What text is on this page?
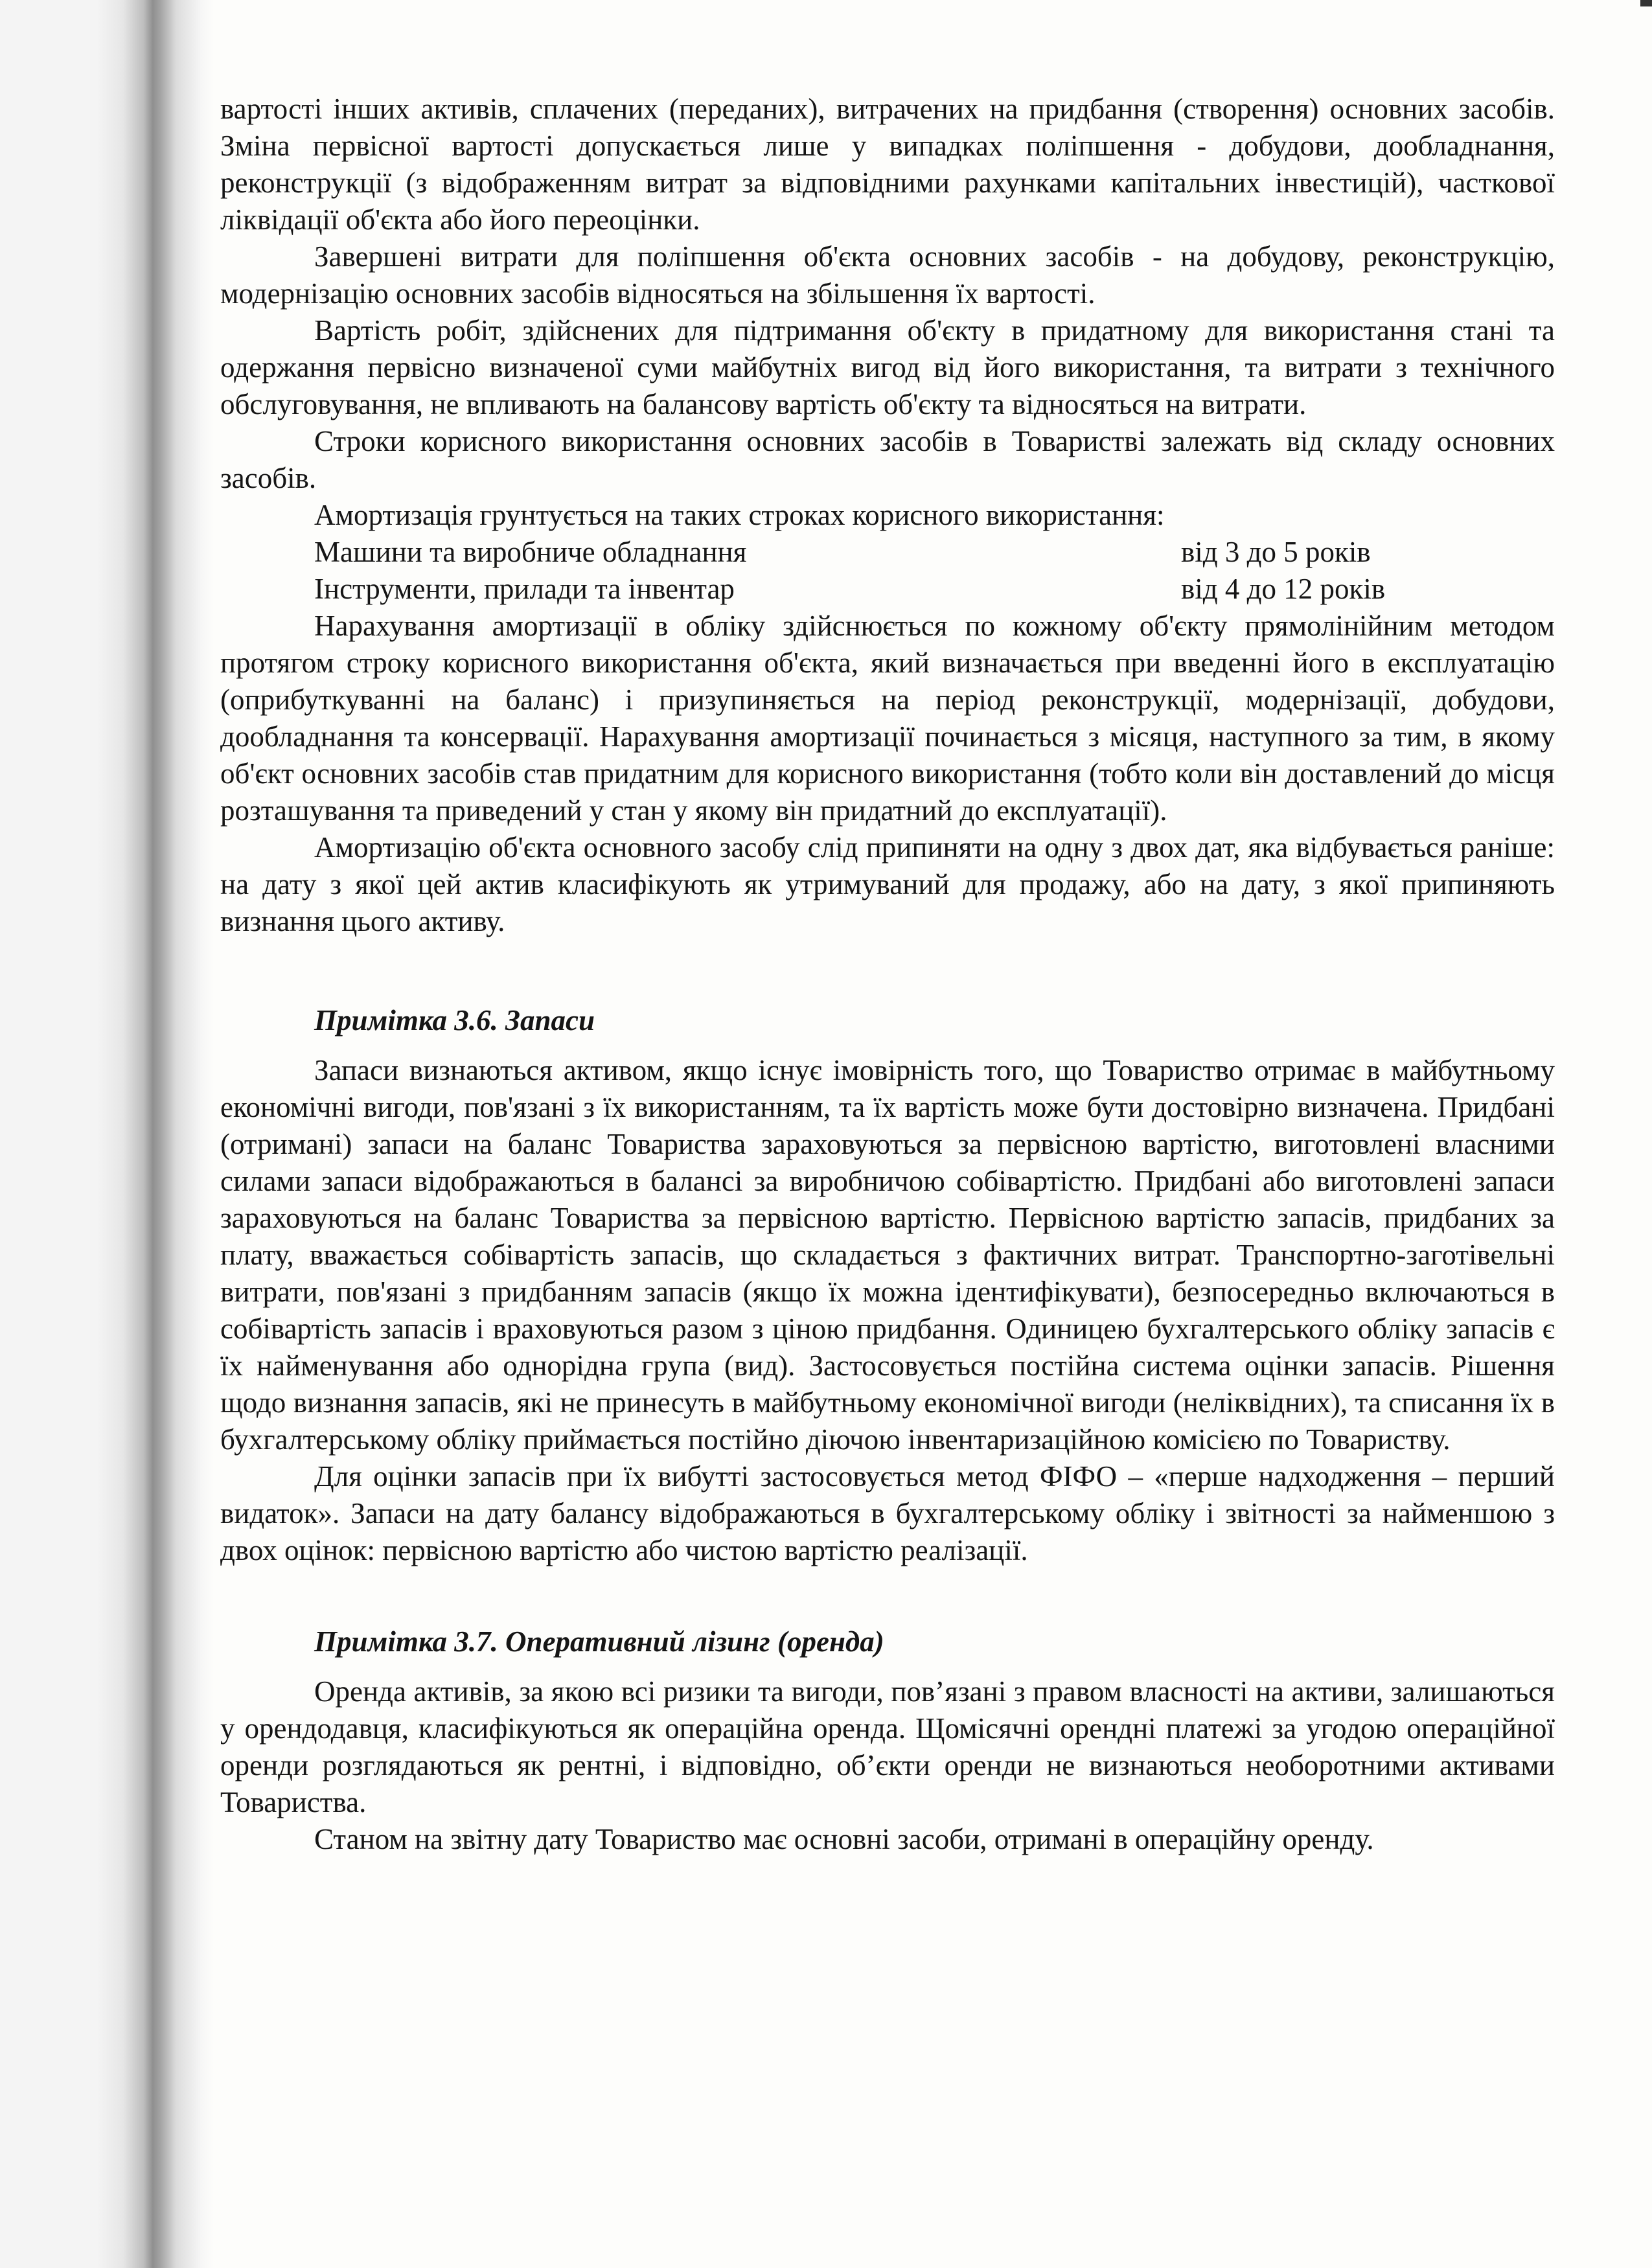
вартості інших активів, сплачених (переданих), витрачених на придбання (створення) основних засобів. Зміна первісної вартості допускається лише у випадках поліпшення - добудови, дообладнання, реконструкції (з відображенням витрат за відповідними рахунками капітальних інвестицій), часткової ліквідації об'єкта або його переоцінки.

Завершені витрати для поліпшення об'єкта основних засобів - на добудову, реконструкцію, модернізацію основних засобів відносяться на збільшення їх вартості.

Вартість робіт, здійснених для підтримання об'єкту в придатному для використання стані та одержання первісно визначеної суми майбутніх вигод від його використання, та витрати з технічного обслуговування, не впливають на балансову вартість об'єкту та відносяться на витрати.

Строки корисного використання основних засобів в Товаристві залежать від складу основних засобів.

Амортизація грунтується на таких строках корисного використання:

Машини та виробниче обладнання	від 3 до 5 років
Інструменти, прилади та інвентар	від 4 до 12 років

Нарахування амортизації в обліку здійснюється по кожному об'єкту прямолінійним методом протягом строку корисного використання об'єкта, який визначається при введенні його в експлуатацію (оприбуткуванні на баланс) і призупиняється на період реконструкції, модернізації, добудови, дообладнання та консервації. Нарахування амортизації починається з місяця, наступного за тим, в якому об'єкт основних засобів став придатним для корисного використання (тобто коли він доставлений до місця розташування та приведений у стан у якому він придатний до експлуатації).

Амортизацію об'єкта основного засобу слід припиняти на одну з двох дат, яка відбувається раніше: на дату з якої цей актив класифікують як утримуваний для продажу, або на дату, з якої припиняють визнання цього активу.

Примітка 3.6. Запаси

Запаси визнаються активом, якщо існує імовірність того, що Товариство отримає в майбутньому економічні вигоди, пов'язані з їх використанням, та їх вартість може бути достовірно визначена. Придбані (отримані) запаси на баланс Товариства зараховуються за первісною вартістю, виготовлені власними силами запаси відображаються в балансі за виробничою собівартістю. Придбані або виготовлені запаси зараховуються на баланс Товариства за первісною вартістю. Первісною вартістю запасів, придбаних за плату, вважається собівартість запасів, що складається з фактичних витрат. Транспортно-заготівельні витрати, пов'язані з придбанням запасів (якщо їх можна ідентифікувати), безпосередньо включаються в собівартість запасів і враховуються разом з ціною придбання. Одиницею бухгалтерського обліку запасів є їх найменування або однорідна група (вид). Застосовується постійна система оцінки запасів. Рішення щодо визнання запасів, які не принесуть в майбутньому економічної вигоди (неліквідних), та списання їх в бухгалтерському обліку приймається постійно діючою інвентаризаційною комісією по Товариству.

Для оцінки запасів при їх вибутті застосовується метод ФІФО – «перше надходження – перший видаток». Запаси на дату балансу відображаються в бухгалтерському обліку і звітності за найменшою з двох оцінок: первісною вартістю або чистою вартістю реалізації.

Примітка 3.7. Оперативний лізинг (оренда)

Оренда активів, за якою всі ризики та вигоди, пов’язані з правом власності на активи, залишаються у орендодавця, класифікуються як операційна оренда. Щомісячні орендні платежі за угодою операційної оренди розглядаються як рентні, і відповідно, об’єкти оренди не визнаються необоротними активами Товариства.

Станом на звітну дату Товариство має основні засоби, отримані в операційну оренду.
